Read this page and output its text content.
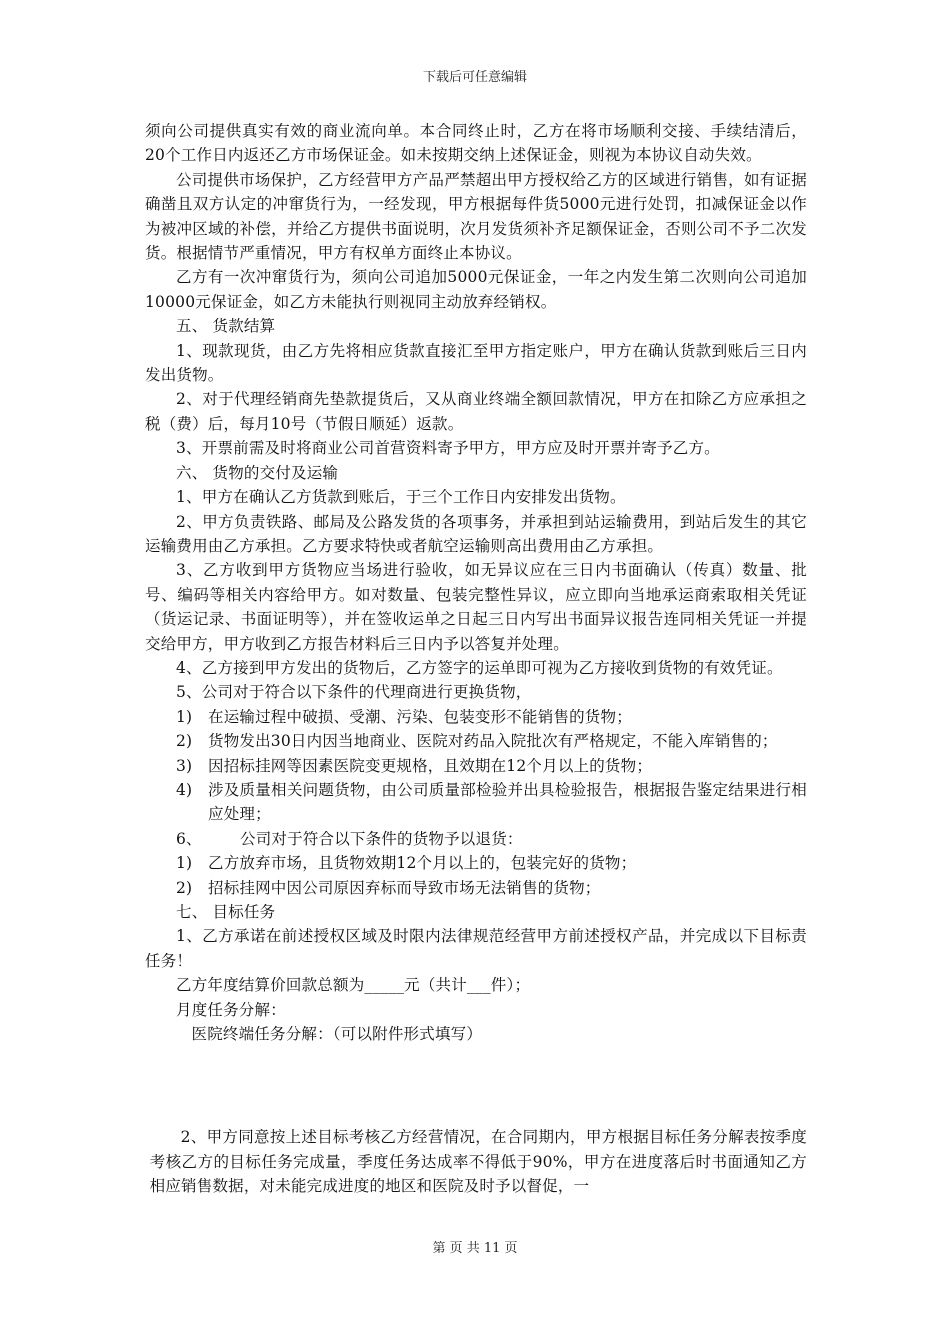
下载后可任意编辑

须向公司提供真实有效的商业流向单。本合同终止时，乙方在将市场顺利交接、手续结清后，20个工作日内返还乙方市场保证金。如未按期交纳上述保证金，则视为本协议自动失效。

公司提供市场保护，乙方经营甲方产品严禁超出甲方授权给乙方的区域进行销售，如有证据确凿且双方认定的冲窜货行为，一经发现，甲方根据每件货5000元进行处罚，扣减保证金以作为被冲区域的补偿，并给乙方提供书面说明，次月发货须补齐足额保证金，否则公司不予二次发货。根据情节严重情况，甲方有权单方面终止本协议。

乙方有一次冲窜货行为，须向公司追加5000元保证金，一年之内发生第二次则向公司追加10000元保证金，如乙方未能执行则视同主动放弃经销权。

五、 货款结算

1、现款现货，由乙方先将相应货款直接汇至甲方指定账户，甲方在确认货款到账后三日内发出货物。

2、对于代理经销商先垫款提货后，又从商业终端全额回款情况，甲方在扣除乙方应承担之税（费）后，每月10号（节假日顺延）返款。

3、开票前需及时将商业公司首营资料寄予甲方，甲方应及时开票并寄予乙方。

六、 货物的交付及运输

1、甲方在确认乙方货款到账后，于三个工作日内安排发出货物。

2、甲方负责铁路、邮局及公路发货的各项事务，并承担到站运输费用，到站后发生的其它运输费用由乙方承担。乙方要求特快或者航空运输则高出费用由乙方承担。

3、乙方收到甲方货物应当场进行验收，如无异议应在三日内书面确认（传真）数量、批号、编码等相关内容给甲方。如对数量、包装完整性异议，应立即向当地承运商索取相关凭证（货运记录、书面证明等），并在签收运单之日起三日内写出书面异议报告连同相关凭证一并提交给甲方，甲方收到乙方报告材料后三日内予以答复并处理。

4、乙方接到甲方发出的货物后，乙方签字的运单即可视为乙方接收到货物的有效凭证。

5、公司对于符合以下条件的代理商进行更换货物，

1)	在运输过程中破损、受潮、污染、包装变形不能销售的货物；
2)	货物发出30日内因当地商业、医院对药品入院批次有严格规定，不能入库销售的；
3)	因招标挂网等因素医院变更规格，且效期在12个月以上的货物；
4)	涉及质量相关问题货物，由公司质量部检验并出具检验报告，根据报告鉴定结果进行相应处理；
6、	公司对于符合以下条件的货物予以退货：
1)	乙方放弃市场，且货物效期12个月以上的，包装完好的货物；
2)	招标挂网中因公司原因弃标而导致市场无法销售的货物；

七、 目标任务

1、乙方承诺在前述授权区域及时限内法律规范经营甲方前述授权产品，并完成以下目标责任务！

乙方年度结算价回款总额为_____元（共计___件）；

月度任务分解：

医院终端任务分解：（可以附件形式填写）

2、甲方同意按上述目标考核乙方经营情况，在合同期内，甲方根据目标任务分解表按季度考核乙方的目标任务完成量，季度任务达成率不得低于90%，甲方在进度落后时书面通知乙方相应销售数据，对未能完成进度的地区和医院及时予以督促，一

第 页 共 11 页
